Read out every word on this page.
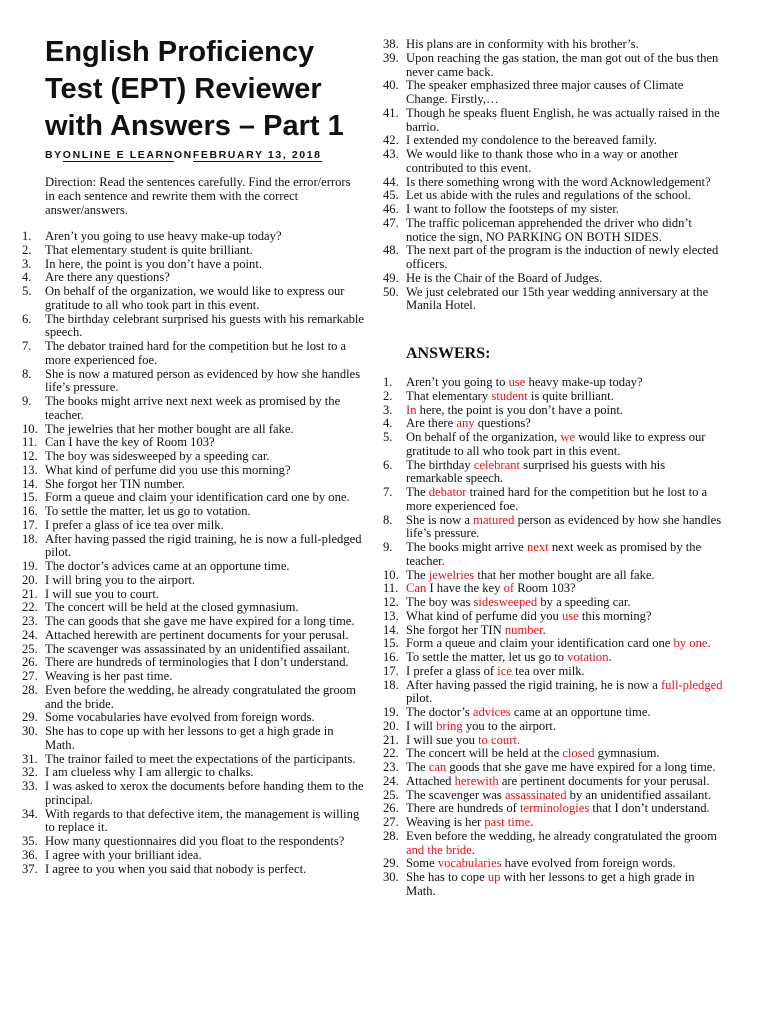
English Proficiency Test (EPT) Reviewer with Answers – Part 1
BYONLINE E LEARNONFEBRUARY 13, 2018

Direction: Read the sentences carefully. Find the error/errors in each sentence and rewrite them with the correct answer/answers.

1. Aren’t you going to use heavy make-up today?
2. That elementary student is quite brilliant.
3. In here, the point is you don’t have a point.
4. Are there any questions?
5. On behalf of the organization, we would like to express our gratitude to all who took part in this event.
6. The birthday celebrant surprised his guests with his remarkable speech.
7. The debator trained hard for the competition but he lost to a more experienced foe.
8. She is now a matured person as evidenced by how she handles life’s pressure.
9. The books might arrive next next week as promised by the teacher.
10. The jewelries that her mother bought are all fake.
11. Can I have the key of Room 103?
12. The boy was sidesweeped by a speeding car.
13. What kind of perfume did you use this morning?
14. She forgot her TIN number.
15. Form a queue and claim your identification card one by one.
16. To settle the matter, let us go to votation.
17. I prefer a glass of ice tea over milk.
18. After having passed the rigid training, he is now a full-pledged pilot.
19. The doctor’s advices came at an opportune time.
20. I will bring you to the airport.
21. I will sue you to court.
22. The concert will be held at the closed gymnasium.
23. The can goods that she gave me have expired for a long time.
24. Attached herewith are pertinent documents for your perusal.
25. The scavenger was assassinated by an unidentified assailant.
26. There are hundreds of terminologies that I don’t understand.
27. Weaving is her past time.
28. Even before the wedding, he already congratulated the groom and the bride.
29. Some vocabularies have evolved from foreign words.
30. She has to cope up with her lessons to get a high grade in Math.
31. The trainor failed to meet the expectations of the participants.
32. I am clueless why I am allergic to chalks.
33. I was asked to xerox the documents before handing them to the principal.
34. With regards to that defective item, the management is willing to replace it.
35. How many questionnaires did you float to the respondents?
36. I agree with your brilliant idea.
37. I agree to you when you said that nobody is perfect.
38. His plans are in conformity with his brother’s.
39. Upon reaching the gas station, the man got out of the bus then never came back.
40. The speaker emphasized three major causes of Climate Change. Firstly,…
41. Though he speaks fluent English, he was actually raised in the barrio.
42. I extended my condolence to the bereaved family.
43. We would like to thank those who in a way or another contributed to this event.
44. Is there something wrong with the word Acknowledgement?
45. Let us abide with the rules and regulations of the school.
46. I want to follow the footsteps of my sister.
47. The traffic policeman apprehended the driver who didn’t notice the sign, NO PARKING ON BOTH SIDES.
48. The next part of the program is the induction of newly elected officers.
49. He is the Chair of the Board of Judges.
50. We just celebrated our 15th year wedding anniversary at the Manila Hotel.
ANSWERS:
1. Aren’t you going to use heavy make-up today?
2. That elementary student is quite brilliant.
3. In here, the point is you don’t have a point.
4. Are there any questions?
5. On behalf of the organization, we would like to express our gratitude to all who took part in this event.
6. The birthday celebrant surprised his guests with his remarkable speech.
7. The debator trained hard for the competition but he lost to a more experienced foe.
8. She is now a matured person as evidenced by how she handles life’s pressure.
9. The books might arrive next next week as promised by the teacher.
10. The jewelries that her mother bought are all fake.
11. Can I have the key of Room 103?
12. The boy was sidesweeped by a speeding car.
13. What kind of perfume did you use this morning?
14. She forgot her TIN number.
15. Form a queue and claim your identification card one by one.
16. To settle the matter, let us go to votation.
17. I prefer a glass of ice tea over milk.
18. After having passed the rigid training, he is now a full-pledged pilot.
19. The doctor’s advices came at an opportune time.
20. I will bring you to the airport.
21. I will sue you to court.
22. The concert will be held at the closed gymnasium.
23. The can goods that she gave me have expired for a long time.
24. Attached herewith are pertinent documents for your perusal.
25. The scavenger was assassinated by an unidentified assailant.
26. There are hundreds of terminologies that I don’t understand.
27. Weaving is her past time.
28. Even before the wedding, he already congratulated the groom and the bride.
29. Some vocabularies have evolved from foreign words.
30. She has to cope up with her lessons to get a high grade in Math.
